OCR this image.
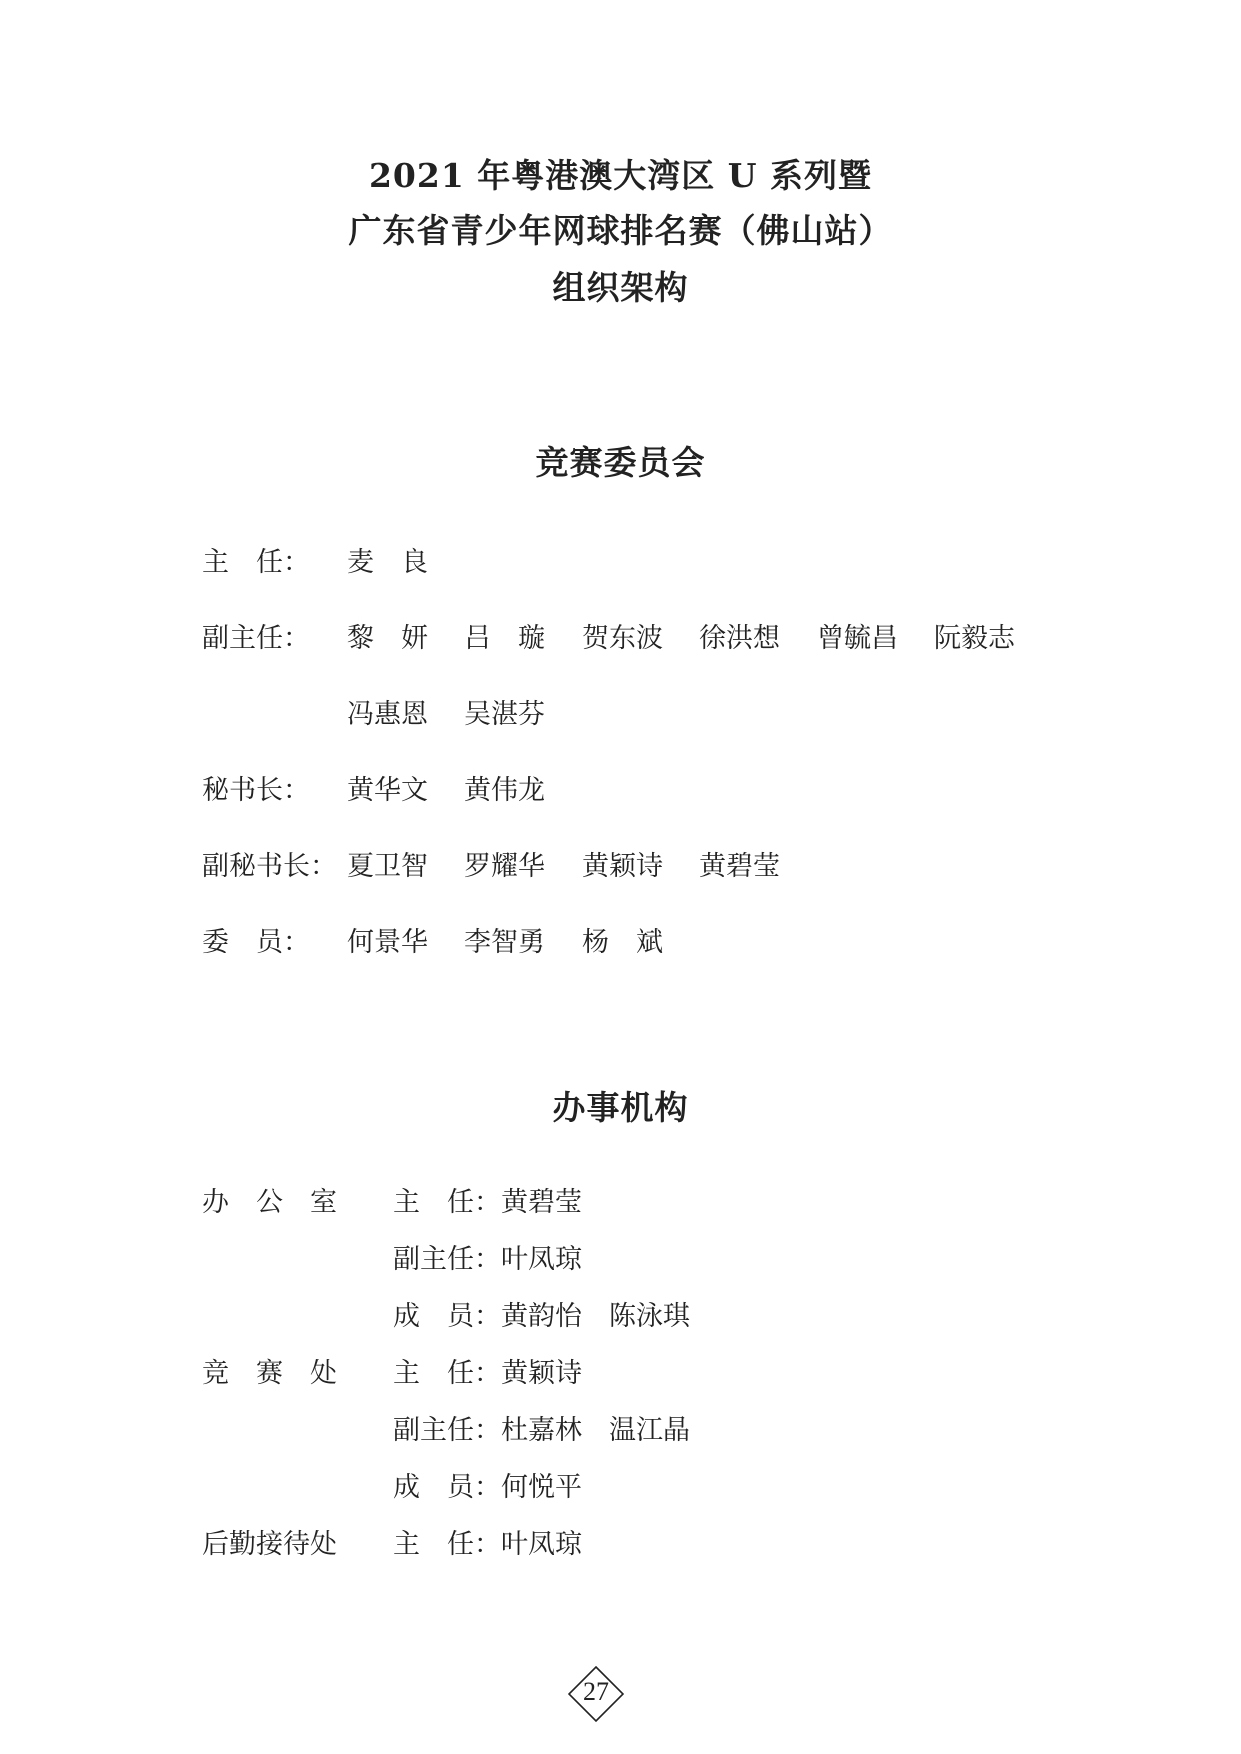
2021 年粤港澳大湾区 U 系列暨
广东省青少年网球排名赛（佛山站）
组织架构
竞赛委员会
主　任： 麦　良
副主任： 黎　妍 吕　璇 贺东波 徐洪想 曾毓昌 阮毅志
冯惠恩 吴湛芬
秘书长： 黄华文 黄伟龙
副秘书长： 夏卫智 罗耀华 黄颖诗 黄碧莹
委　员： 何景华 李智勇 杨　斌
办事机构
办　公　室 主　任：黄碧莹
副主任：叶凤琼
成　员：黄韵怡　陈泳琪
竞　赛　处 主　任：黄颖诗
副主任：杜嘉林　温江晶
成　员：何悦平
后勤接待处 主　任：叶凤琼
27
